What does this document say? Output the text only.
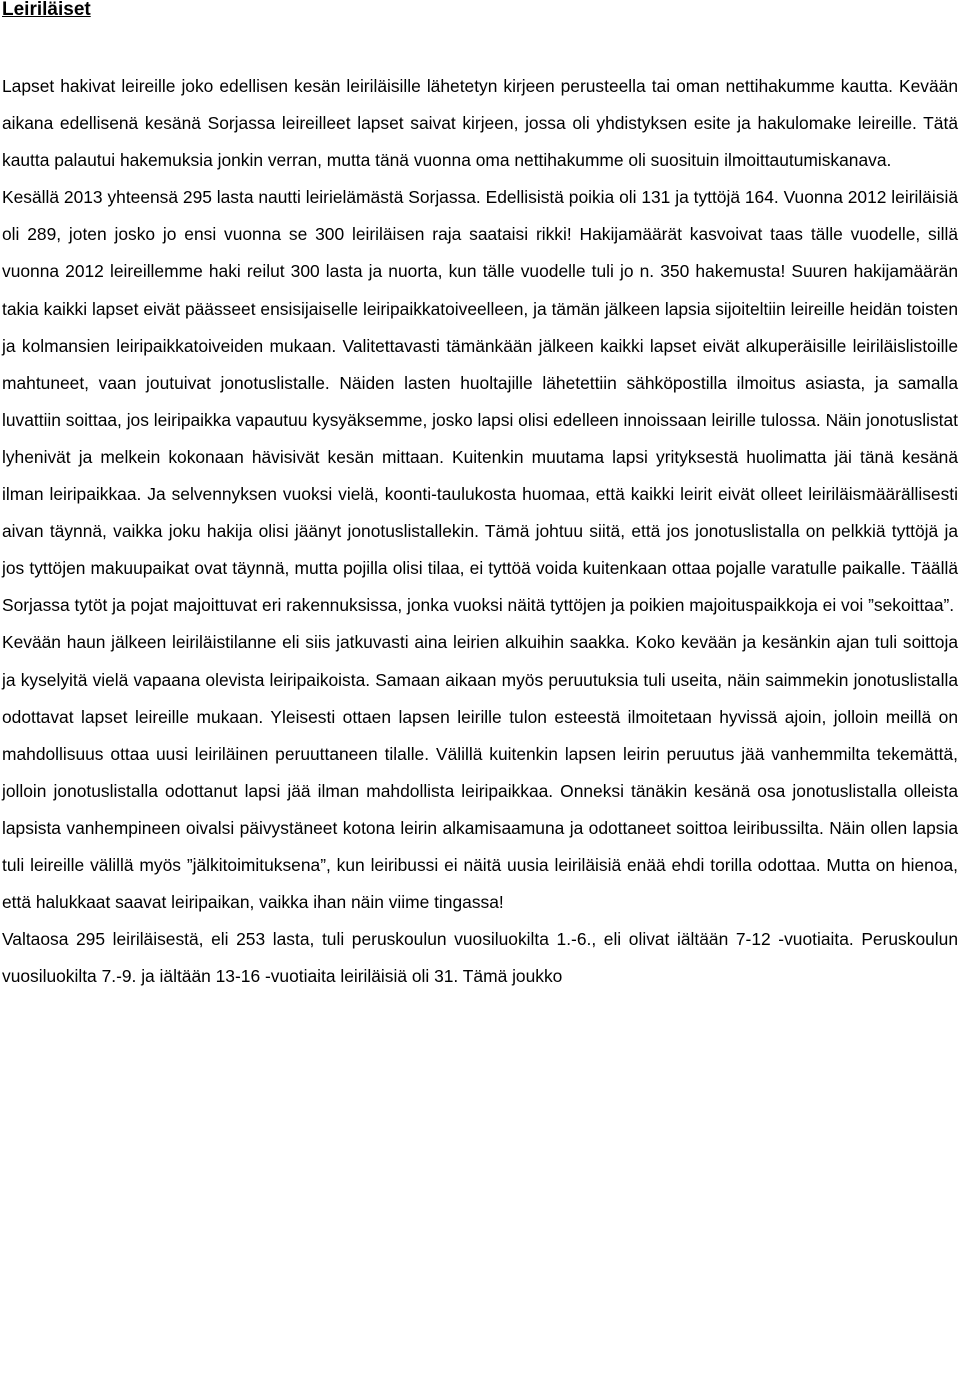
Leiriläiset

Lapset hakivat leireille joko edellisen kesän leiriläisille lähetetyn kirjeen perusteella tai oman nettihakumme kautta. Kevään aikana edellisenä kesänä Sorjassa leireilleet lapset saivat kirjeen, jossa oli yhdistyksen esite ja hakulomake leireille. Tätä kautta palautui hakemuksia jonkin verran, mutta tänä vuonna oma nettihakumme oli suosituin ilmoittautumiskanava.

Kesällä 2013 yhteensä 295 lasta nautti leirielämästä Sorjassa. Edellisistä poikia oli 131 ja tyttöjä 164. Vuonna 2012 leiriläisiä oli 289, joten josko jo ensi vuonna se 300 leiriläisen raja saataisi rikki! Hakijamäärät kasvoivat taas tälle vuodelle, sillä vuonna 2012 leireillemme haki reilut 300 lasta ja nuorta, kun tälle vuodelle tuli jo n. 350 hakemusta! Suuren hakijamäärän takia kaikki lapset eivät päässeet ensisijaiselle leiripaikkatoiveelleen, ja tämän jälkeen lapsia sijoiteltiin leireille heidän toisten ja kolmansien leiripaikkatoiveiden mukaan. Valitettavasti tämänkään jälkeen kaikki lapset eivät alkuperäisille leiriläislistoille mahtuneet, vaan joutuivat jonotuslistalle. Näiden lasten huoltajille lähetettiin sähköpostilla ilmoitus asiasta, ja samalla luvattiin soittaa, jos leiripaikka vapautuu kysyäksemme, josko lapsi olisi edelleen innoissaan leirille tulossa. Näin jonotuslistat lyhenivät ja melkein kokonaan hävisivät kesän mittaan. Kuitenkin muutama lapsi yrityksestä huolimatta jäi tänä kesänä ilman leiripaikkaa. Ja selvennyksen vuoksi vielä, koonti-taulukosta huomaa, että kaikki leirit eivät olleet leiriläismäärällisesti aivan täynnä, vaikka joku hakija olisi jäänyt jonotuslistallekin. Tämä johtuu siitä, että jos jonotuslistalla on pelkkiä tyttöjä ja jos tyttöjen makuupaikat ovat täynnä, mutta pojilla olisi tilaa, ei tyttöä voida kuitenkaan ottaa pojalle varatulle paikalle. Täällä Sorjassa tytöt ja pojat majoittuvat eri rakennuksissa, jonka vuoksi näitä tyttöjen ja poikien majoituspaikkoja ei voi ”sekoittaa”.

Kevään haun jälkeen leiriläistilanne eli siis jatkuvasti aina leirien alkuihin saakka. Koko kevään ja kesänkin ajan tuli soittoja ja kyselyitä vielä vapaana olevista leiripaikoista. Samaan aikaan myös peruutuksia tuli useita, näin saimmekin jonotuslistalla odottavat lapset leireille mukaan. Yleisesti ottaen lapsen leirille tulon esteestä ilmoitetaan hyvissä ajoin, jolloin meillä on mahdollisuus ottaa uusi leiriläinen peruuttaneen tilalle. Välillä kuitenkin lapsen leirin peruutus jää vanhemmilta tekemättä, jolloin jonotuslistalla odottanut lapsi jää ilman mahdollista leiripaikkaa. Onneksi tänäkin kesänä osa jonotuslistalla olleista lapsista vanhempineen oivalsi päivystäneet kotona leirin alkamisaamuna ja odottaneet soittoa leiribussilta. Näin ollen lapsia tuli leireille välillä myös ”jälkitoimituksena”, kun leiribussi ei näitä uusia leiriläisiä enää ehdi torilla odottaa. Mutta on hienoa, että halukkaat saavat leiripaikan, vaikka ihan näin viime tingassa!

Valtaosa 295 leiriläisestä, eli 253 lasta, tuli peruskoulun vuosiluokilta 1.-6., eli olivat iältään 7-12 -vuotiaita. Peruskoulun vuosiluokilta 7.-9. ja iältään 13-16 -vuotiaita leiriläisiä oli 31. Tämä joukko
